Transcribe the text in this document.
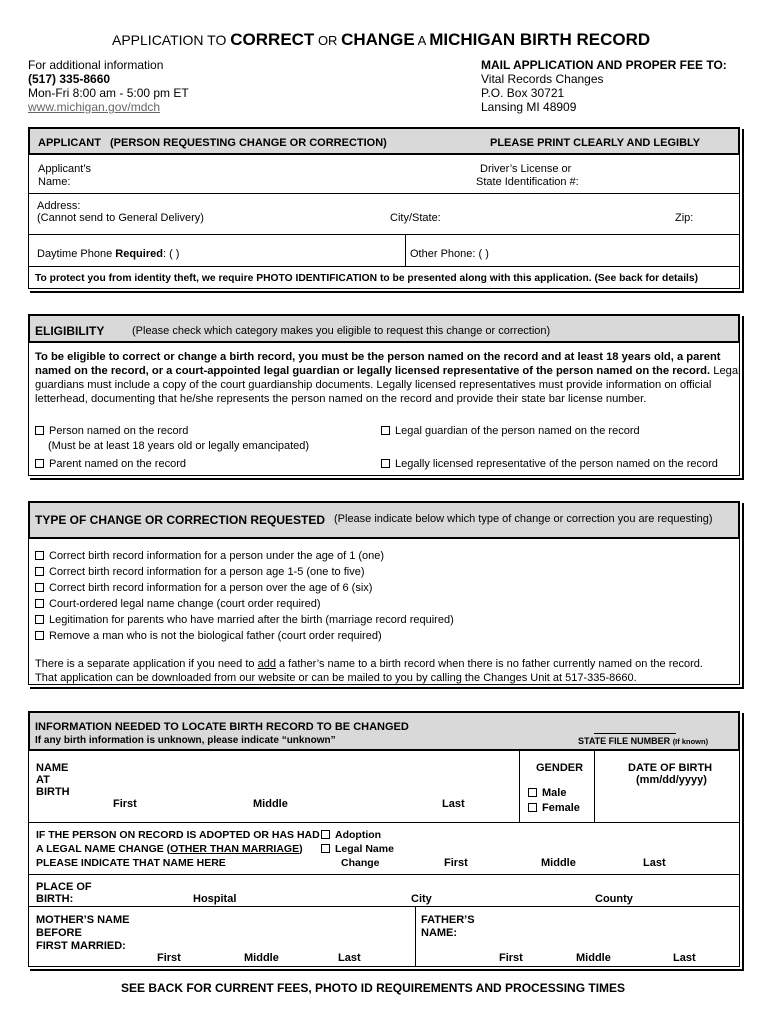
APPLICATION TO CORRECT OR CHANGE A MICHIGAN BIRTH RECORD
For additional information
(517) 335-8660
Mon-Fri 8:00 am - 5:00 pm ET
www.michigan.gov/mdch
MAIL APPLICATION AND PROPER FEE TO:
Vital Records Changes
P.O. Box 30721
Lansing MI 48909
APPLICANT (PERSON REQUESTING CHANGE OR CORRECTION)	PLEASE PRINT CLEARLY AND LEGIBLY
Applicant’s
Name:
Driver’s License or
State Identification #:
Address:
(Cannot send to General Delivery)	City/State:	Zip:
Daytime Phone Required: ( )	Other Phone: ( )
To protect you from identity theft, we require PHOTO IDENTIFICATION to be presented along with this application. (See back for details)
ELIGIBILITY	(Please check which category makes you eligible to request this change or correction)
To be eligible to correct or change a birth record, you must be the person named on the record and at least 18 years old, a parent
named on the record, or a court-appointed legal guardian or legally licensed representative of the person named on the record. Legal
guardians must include a copy of the court guardianship documents. Legally licensed representatives must provide information on official
letterhead, documenting that he/she represents the person named on the record and provide their state bar license number.
Person named on the record
(Must be at least 18 years old or legally emancipated)
Parent named on the record
Legal guardian of the person named on the record
Legally licensed representative of the person named on the record
TYPE OF CHANGE OR CORRECTION REQUESTED (Please indicate below which type of change or correction you are requesting)
Correct birth record information for a person under the age of 1 (one)
Correct birth record information for a person age 1-5 (one to five)
Correct birth record information for a person over the age of 6 (six)
Court-ordered legal name change (court order required)
Legitimation for parents who have married after the birth (marriage record required)
Remove a man who is not the biological father (court order required)
There is a separate application if you need to add a father’s name to a birth record when there is no father currently named on the record.
That application can be downloaded from our website or can be mailed to you by calling the Changes Unit at 517-335-8660.
INFORMATION NEEDED TO LOCATE BIRTH RECORD TO BE CHANGED
If any birth information is unknown, please indicate “unknown”	STATE FILE NUMBER (If known)
NAME
AT
BIRTH
First	Middle	Last
GENDER
Male
Female
DATE OF BIRTH
(mm/dd/yyyy)
IF THE PERSON ON RECORD IS ADOPTED OR HAS HAD
A LEGAL NAME CHANGE (OTHER THAN MARRIAGE)
PLEASE INDICATE THAT NAME HERE
Adoption
Legal Name
Change	First	Middle	Last
PLACE OF
BIRTH:	Hospital	City	County
MOTHER’S NAME
BEFORE
FIRST MARRIED:
First	Middle	Last
FATHER’S
NAME:
First	Middle	Last
SEE BACK FOR CURRENT FEES, PHOTO ID REQUIREMENTS AND PROCESSING TIMES
